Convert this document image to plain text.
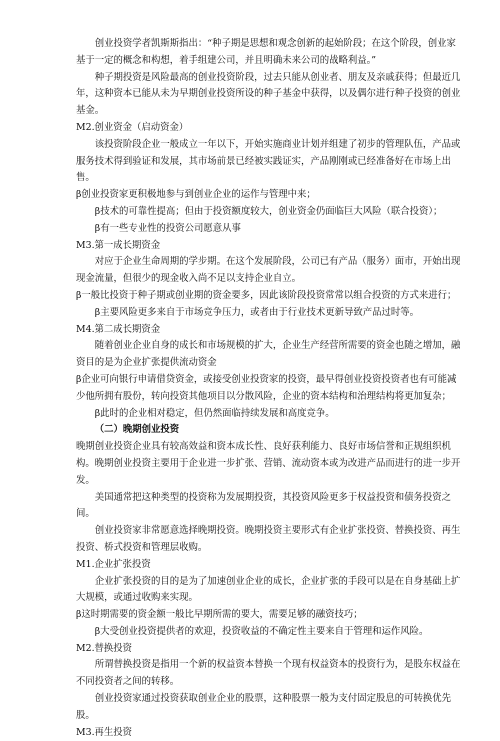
创业投资学者凯斯斯指出：“种子期是思想和观念创新的起始阶段；在这个阶段，创业家基于一定的概念和构想，着手组建公司，并且明确未来公司的战略利益。”

种子期投资是风险最高的创业投资阶段，过去只能从创业者、朋友及亲戚获得；但最近几年，这种资本已能从未为早期创业投资所设的种子基金中获得，以及偶尔进行种子投资的创业基金。

M2.创业资金（启动资金）

该投资阶段企业一般成立一年以下，开始实施商业计划并组建了初步的管理队伍，产品或服务技术得到验证和发展，其市场前景已经被实践证实，产品刚刚或已经准备好在市场上出售。

β创业投资家更积极地参与到创业企业的运作与管理中来；

β技术的可靠性提高；但由于投资额度较大，创业资金仍面临巨大风险（联合投资）；

β有一些专业性的投资公司愿意从事

M3.第一成长期资金

对应于企业生命周期的学步期。在这个发展阶段，公司已有产品（服务）面市，开始出现现金流量，但很少的现金收入尚不足以支持企业自立。

β一般比投资于种子期或创业期的资金要多，因此该阶段投资常常以组合投资的方式来进行；

β主要风险更多来自于市场竞争压力，或者由于行业技术更新导致产品过时等。

M4.第二成长期资金

随着创业企业自身的成长和市场规模的扩大，企业生产经营所需要的资金也随之增加，融资目的是为企业扩张提供流动资金

β企业可向银行申请借贷资金，或接受创业投资家的投资，最早得创业投资投资者也有可能减少他所拥有股份，转向投资其他项目以分散风险，企业的资本结构和治理结构将更加复杂；

β此时的企业相对稳定，但仍然面临持续发展和高度竞争。

（二）晚期创业投资

晚期创业投资企业具有较高效益和资本成长性、良好获利能力、良好市场信誉和正规组织机构。晚期创业投资主要用于企业进一步扩张、营销、流动资本或为改进产品而进行的进一步开发。

美国通常把这种类型的投资称为发展期投资，其投资风险更多于权益投资和债务投资之间。

创业投资家非常愿意选择晚期投资。晚期投资主要形式有企业扩张投资、替换投资、再生投资、桥式投资和管理层收购。

M1.企业扩张投资

企业扩张投资的目的是为了加速创业企业的成长，企业扩张的手段可以是在自身基础上扩大规模，或通过收购来实现。

β这时期需要的资金额一般比早期所需的要大，需要足够的融资技巧；

β大受创业投资提供者的欢迎，投资收益的不确定性主要来自于管理和运作风险。

M2.替换投资

所谓替换投资是指用一个新的权益资本替换一个现有权益资本的投资行为，是股东权益在不同投资者之间的转移。

创业投资家通过投资获取创业企业的股票，这种股票一般为支付固定股息的可转换优先股。

M3.再生投资
